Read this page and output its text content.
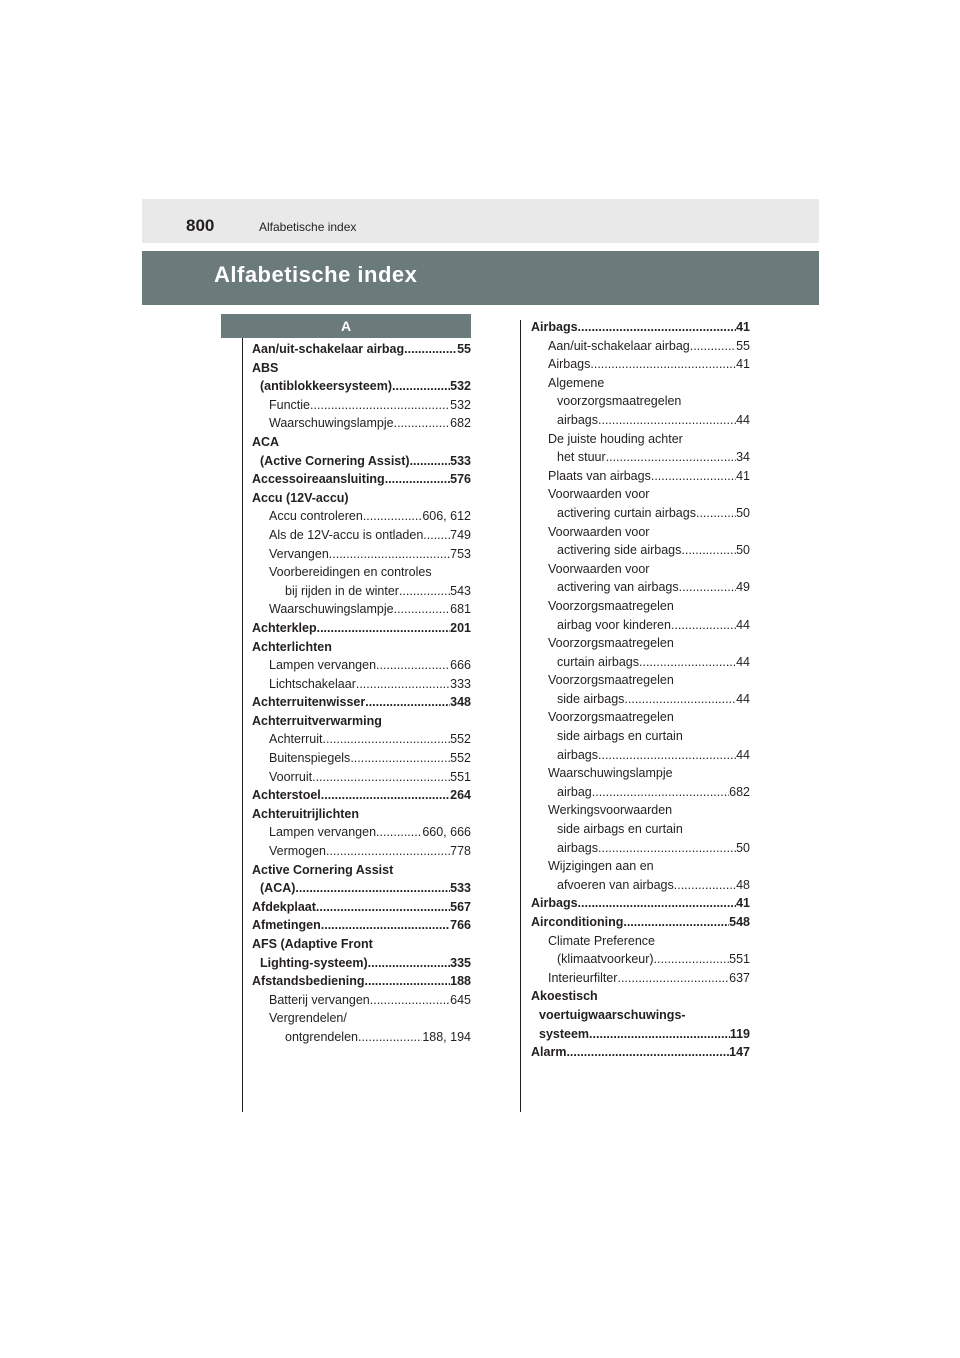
800	Alfabetische index
Alfabetische index
A
Aan/uit-schakelaar airbag .....	55
ABS
(antiblokkeersysteem) .....	532
Functie .....	532
Waarschuwingslampje .....	682
ACA
(Active Cornering Assist) .....	533
Accessoireaansluiting .....	576
Accu (12V-accu)
Accu controleren .....	606, 612
Als de 12V-accu is ontladen ..... 749
Vervangen .....	753
Voorbereidingen en controles
bij rijden in de winter .....	543
Waarschuwingslampje .....	681
Achterklep .....	201
Achterlichten
Lampen vervangen .....	666
Lichtschakelaar .....	333
Achterruitenwisser .....	348
Achterruitverwarming
Achterruit .....	552
Buitenspiegels .....	552
Voorruit .....	551
Achterstoel .....	264
Achteruitrijlichten
Lampen vervangen .....	660, 666
Vermogen .....	778
Active Cornering Assist
(ACA) .....	533
Afdekplaat .....	567
Afmetingen .....	766
AFS (Adaptive Front
Lighting-systeem) .....	335
Afstandsbediening .....	188
Batterij vervangen .....	645
Vergrendelen/
ontgrendelen .....	188, 194
Airbags .....	41
Aan/uit-schakelaar airbag .....	55
Airbags .....	41
Algemene
voorzorgsmaatregelen
airbags .....	44
De juiste houding achter
het stuur .....	34
Plaats van airbags .....	41
Voorwaarden voor
activering curtain airbags .....	50
Voorwaarden voor
activering side airbags .....	50
Voorwaarden voor
activering van airbags .....	49
Voorzorgsmaatregelen
airbag voor kinderen .....	44
Voorzorgsmaatregelen
curtain airbags .....	44
Voorzorgsmaatregelen
side airbags .....	44
Voorzorgsmaatregelen
side airbags en curtain
airbags .....	44
Waarschuwingslampje
airbag .....	682
Werkingsvoorwaarden
side airbags en curtain
airbags .....	50
Wijzigingen aan en
afvoeren van airbags .....	48
Airbags .....	41
Airconditioning .....	548
Climate Preference
(klimaatvoorkeur) .....	551
Interieurfilter .....	637
Akoestisch
voertuigwaarschuwings-
systeem .....	119
Alarm .....	147
